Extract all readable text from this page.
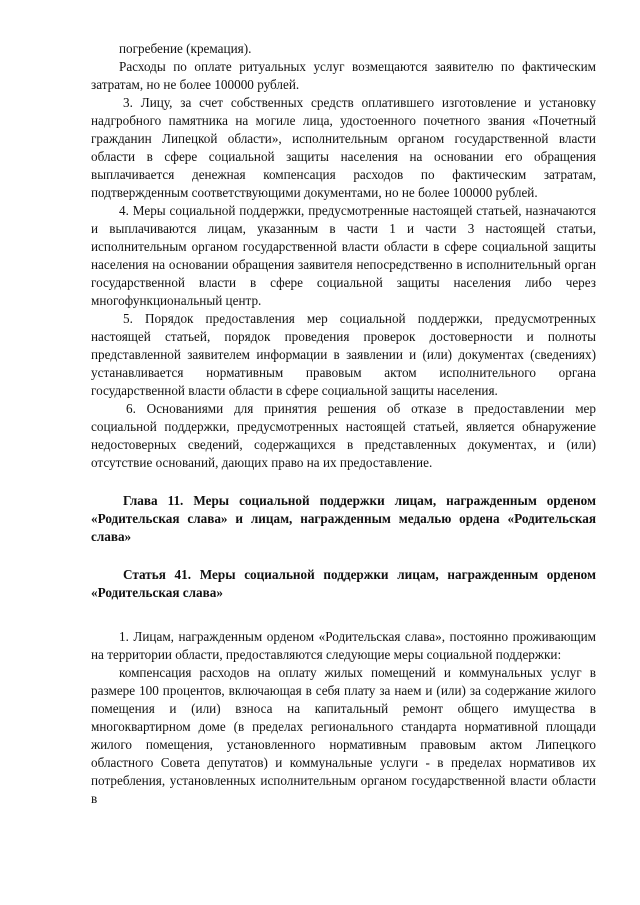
погребение (кремация).

Расходы по оплате ритуальных услуг возмещаются заявителю по фактическим затратам, но не более 100000 рублей.

3. Лицу, за счет собственных средств оплатившего изготовление и установку надгробного памятника на могиле лица, удостоенного почетного звания «Почетный гражданин Липецкой области», исполнительным органом государственной власти области в сфере социальной защиты населения на основании его обращения выплачивается денежная компенсация расходов по фактическим затратам, подтвержденным соответствующими документами, но не более 100000 рублей.

4. Меры социальной поддержки, предусмотренные настоящей статьей, назначаются и выплачиваются лицам, указанным в части 1 и части 3 настоящей статьи, исполнительным органом государственной власти области в сфере социальной защиты населения на основании обращения заявителя непосредственно в исполнительный орган государственной власти в сфере социальной защиты населения либо через многофункциональный центр.

5. Порядок предоставления мер социальной поддержки, предусмотренных настоящей статьей, порядок проведения проверок достоверности и полноты представленной заявителем информации в заявлении и (или) документах (сведениях) устанавливается нормативным правовым актом исполнительного органа государственной власти области в сфере социальной защиты населения.

6. Основаниями для принятия решения об отказе в предоставлении мер социальной поддержки, предусмотренных настоящей статьей, является обнаружение недостоверных сведений, содержащихся в представленных документах, и (или) отсутствие оснований, дающих право на их предоставление.

Глава 11. Меры социальной поддержки лицам, награжденным орденом «Родительская слава» и лицам, награжденным медалью ордена «Родительская слава»

Статья 41. Меры социальной поддержки лицам, награжденным орденом «Родительская слава»

1. Лицам, награжденным орденом «Родительская слава», постоянно проживающим на территории области, предоставляются следующие меры социальной поддержки:

компенсация расходов на оплату жилых помещений и коммунальных услуг в размере 100 процентов, включающая в себя плату за наем и (или) за содержание жилого помещения и (или) взноса на капитальный ремонт общего имущества в многоквартирном доме (в пределах регионального стандарта нормативной площади жилого помещения, установленного нормативным правовым актом Липецкого областного Совета депутатов) и коммунальные услуги - в пределах нормативов их потребления, установленных исполнительным органом государственной власти области в
